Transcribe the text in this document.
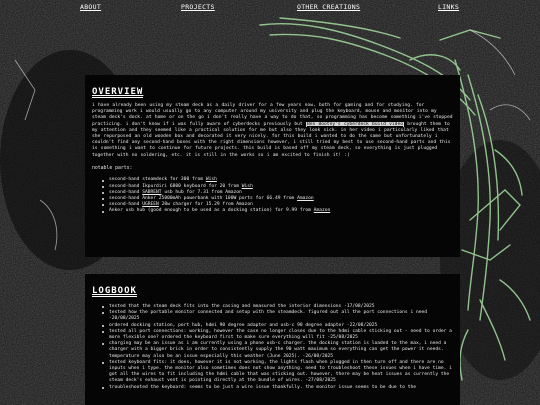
ABOUT	PROJECTS	OTHER CREATIONS	LINKS
OVERVIEW

i have already been using my steam deck as a daily driver for a few years now, both for gaming and for studying. for programming work i would usually go to any computer around my university and plug the keyboard, mouse and monitor into my steam deck's dock. at home or on the go i don't really have a way to do that, so programming has become something i've stopped practicing. i don't know if i was fully aware of cyberdecks previously but Ben Bootey's cyberdeck build video brought them to my attention and they seemed like a practical solution for me but also they look sick. in her video i particularly liked that she repurposed an old wooden box and decorated it very nicely. for this build i wanted to do the same but unfortunately i couldn't find any second-hand boxes with the right dimensions however, i still tried my best to use second-hand parts and this is something i want to continue for future projects. this build is based off my steam deck, so everything is just plugged together with no soldering, etc. it is still in the works so i am excited to finish it! :)

notable parts:

second-hand steamdeck for 300 from Wish
second-hand Ikpurdiri 6800 keyboard for 20 from Wish
second-hand SABRENT usb hub for 7.31 from Amazon
second-hand Anker 25000mAh powerbank with 100W ports for 66.49 from Amazon
second-hand UGREEN 20w charger for 15.29 from Amazon
Anker usb hub (good enough to be used as a docking station) for 9.99 from Amazon
LOGBOOK
tested that the steam deck fits into the casing and measured the interior dimensions -17/08/2025
tested how the portable monitor connected and setup with the steamdeck. figured out all the port connections i need -20/08/2025
ordered docking station, port hub, hdmi 90 degree adapter and usb-c 90 degree adapter -22/08/2025
tested all port connections: working, however the case no longer closes due to the hdmi cable sticking out - need to order a more flexible one? ordered the keyboard first to make sure everything will fit -25/08/2025
charging may be an issue as i am currently using a phone usb-c charger. the docking station is loaded to the max, i need a charger with a bigger brick in order to consistently supply the 90 watt maximum so everything can get the power it needs. temperature may also be an issue especially this weather (June 2025). -26/08/2025
tested keyboard fits: it does, however it is not working, the lights flash when plugged in then turn off and there are no inputs when i type. the monitor also sometimes does not show anything. need to troubleshoot these issues when i have time. i got all the wires to fit including the hdmi cable that was sticking out. however, there may be heat issues as currently the steam deck's exhaust vent is pointing directly at the bundle of wires. -27/08/2025
troubleshooted the keyboard: seems to be just a wire issue thankfully. the monitor issue seems to be due to the
